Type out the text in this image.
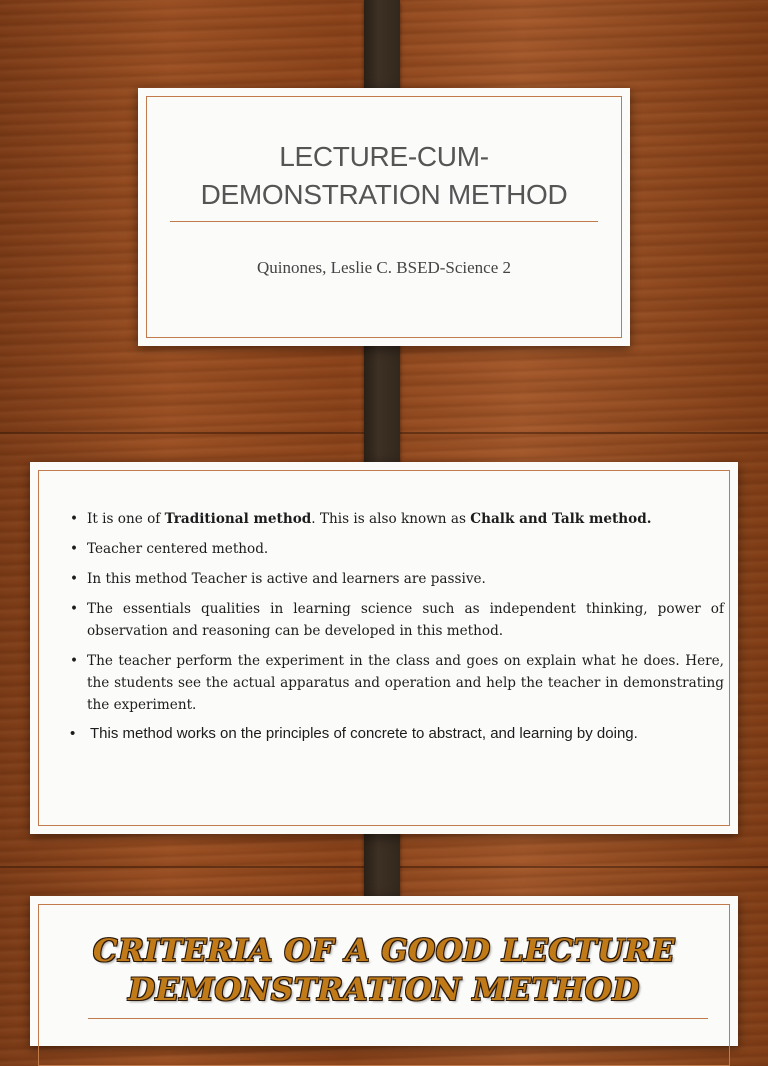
LECTURE-CUM-
DEMONSTRATION METHOD
Quinones, Leslie C. BSED-Science 2
• It is one of Traditional method. This is also known as Chalk and Talk method.
• Teacher centered method.
• In this method Teacher is active and learners are passive.
• The essentials qualities in learning science such as independent thinking, power of observation and reasoning can be developed in this method.
• The teacher perform the experiment in the class and goes on explain what he does. Here, the students see the actual apparatus and operation and help the teacher in demonstrating the experiment.
• This method works on the principles of concrete to abstract, and learning by doing.
CRITERIA OF A GOOD LECTURE
DEMONSTRATION METHOD
